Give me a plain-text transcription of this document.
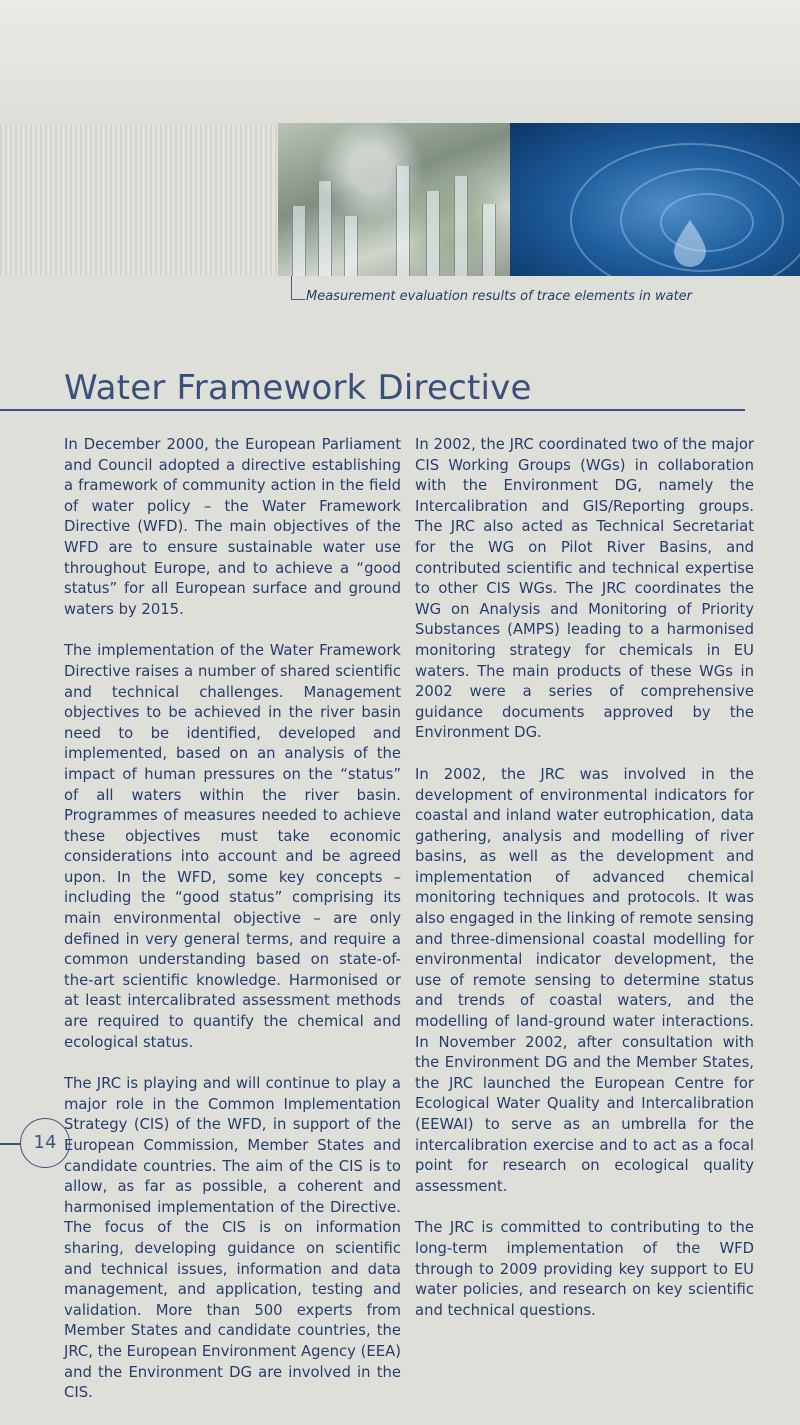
Measurement evaluation results of trace elements in water
Water Framework Directive

In December 2000, the European Parliament and Council adopted a directive establishing a framework of community action in the field of water policy – the Water Framework Directive (WFD). The main objectives of the WFD are to ensure sustainable water use throughout Europe, and to achieve a “good status” for all European surface and ground waters by 2015.

The implementation of the Water Framework Directive raises a number of shared scientific and technical challenges. Management objectives to be achieved in the river basin need to be identified, developed and implemented, based on an analysis of the impact of human pressures on the “status” of all waters within the river basin. Programmes of measures needed to achieve these objectives must take economic considerations into account and be agreed upon. In the WFD, some key concepts – including the “good status” comprising its main environmental objective – are only defined in very general terms, and require a common understanding based on state-of-the-art scientific knowledge. Harmonised or at least intercalibrated assessment methods are required to quantify the chemical and ecological status.

The JRC is playing and will continue to play a major role in the Common Implementation Strategy (CIS) of the WFD, in support of the European Commission, Member States and candidate countries. The aim of the CIS is to allow, as far as possible, a coherent and harmonised implementation of the Directive. The focus of the CIS is on information sharing, developing guidance on scientific and technical issues, information and data management, and application, testing and validation. More than 500 experts from Member States and candidate countries, the JRC, the European Environment Agency (EEA) and the Environment DG are involved in the CIS.

In 2002, the JRC coordinated two of the major CIS Working Groups (WGs) in collaboration with the Environment DG, namely the Intercalibration and GIS/Reporting groups. The JRC also acted as Technical Secretariat for the WG on Pilot River Basins, and contributed scientific and technical expertise to other CIS WGs. The JRC coordinates the WG on Analysis and Monitoring of Priority Substances (AMPS) leading to a harmonised monitoring strategy for chemicals in EU waters. The main products of these WGs in 2002 were a series of comprehensive guidance documents approved by the Environment DG.

In 2002, the JRC was involved in the development of environmental indicators for coastal and inland water eutrophication, data gathering, analysis and modelling of river basins, as well as the development and implementation of advanced chemical monitoring techniques and protocols. It was also engaged in the linking of remote sensing and three-dimensional coastal modelling for environmental indicator development, the use of remote sensing to determine status and trends of coastal waters, and the modelling of land-ground water interactions. In November 2002, after consultation with the Environment DG and the Member States, the JRC launched the European Centre for Ecological Water Quality and Intercalibration (EEWAI) to serve as an umbrella for the intercalibration exercise and to act as a focal point for research on ecological quality assessment.

The JRC is committed to contributing to the long-term implementation of the WFD through to 2009 providing key support to EU water policies, and research on key scientific and technical questions.

14
